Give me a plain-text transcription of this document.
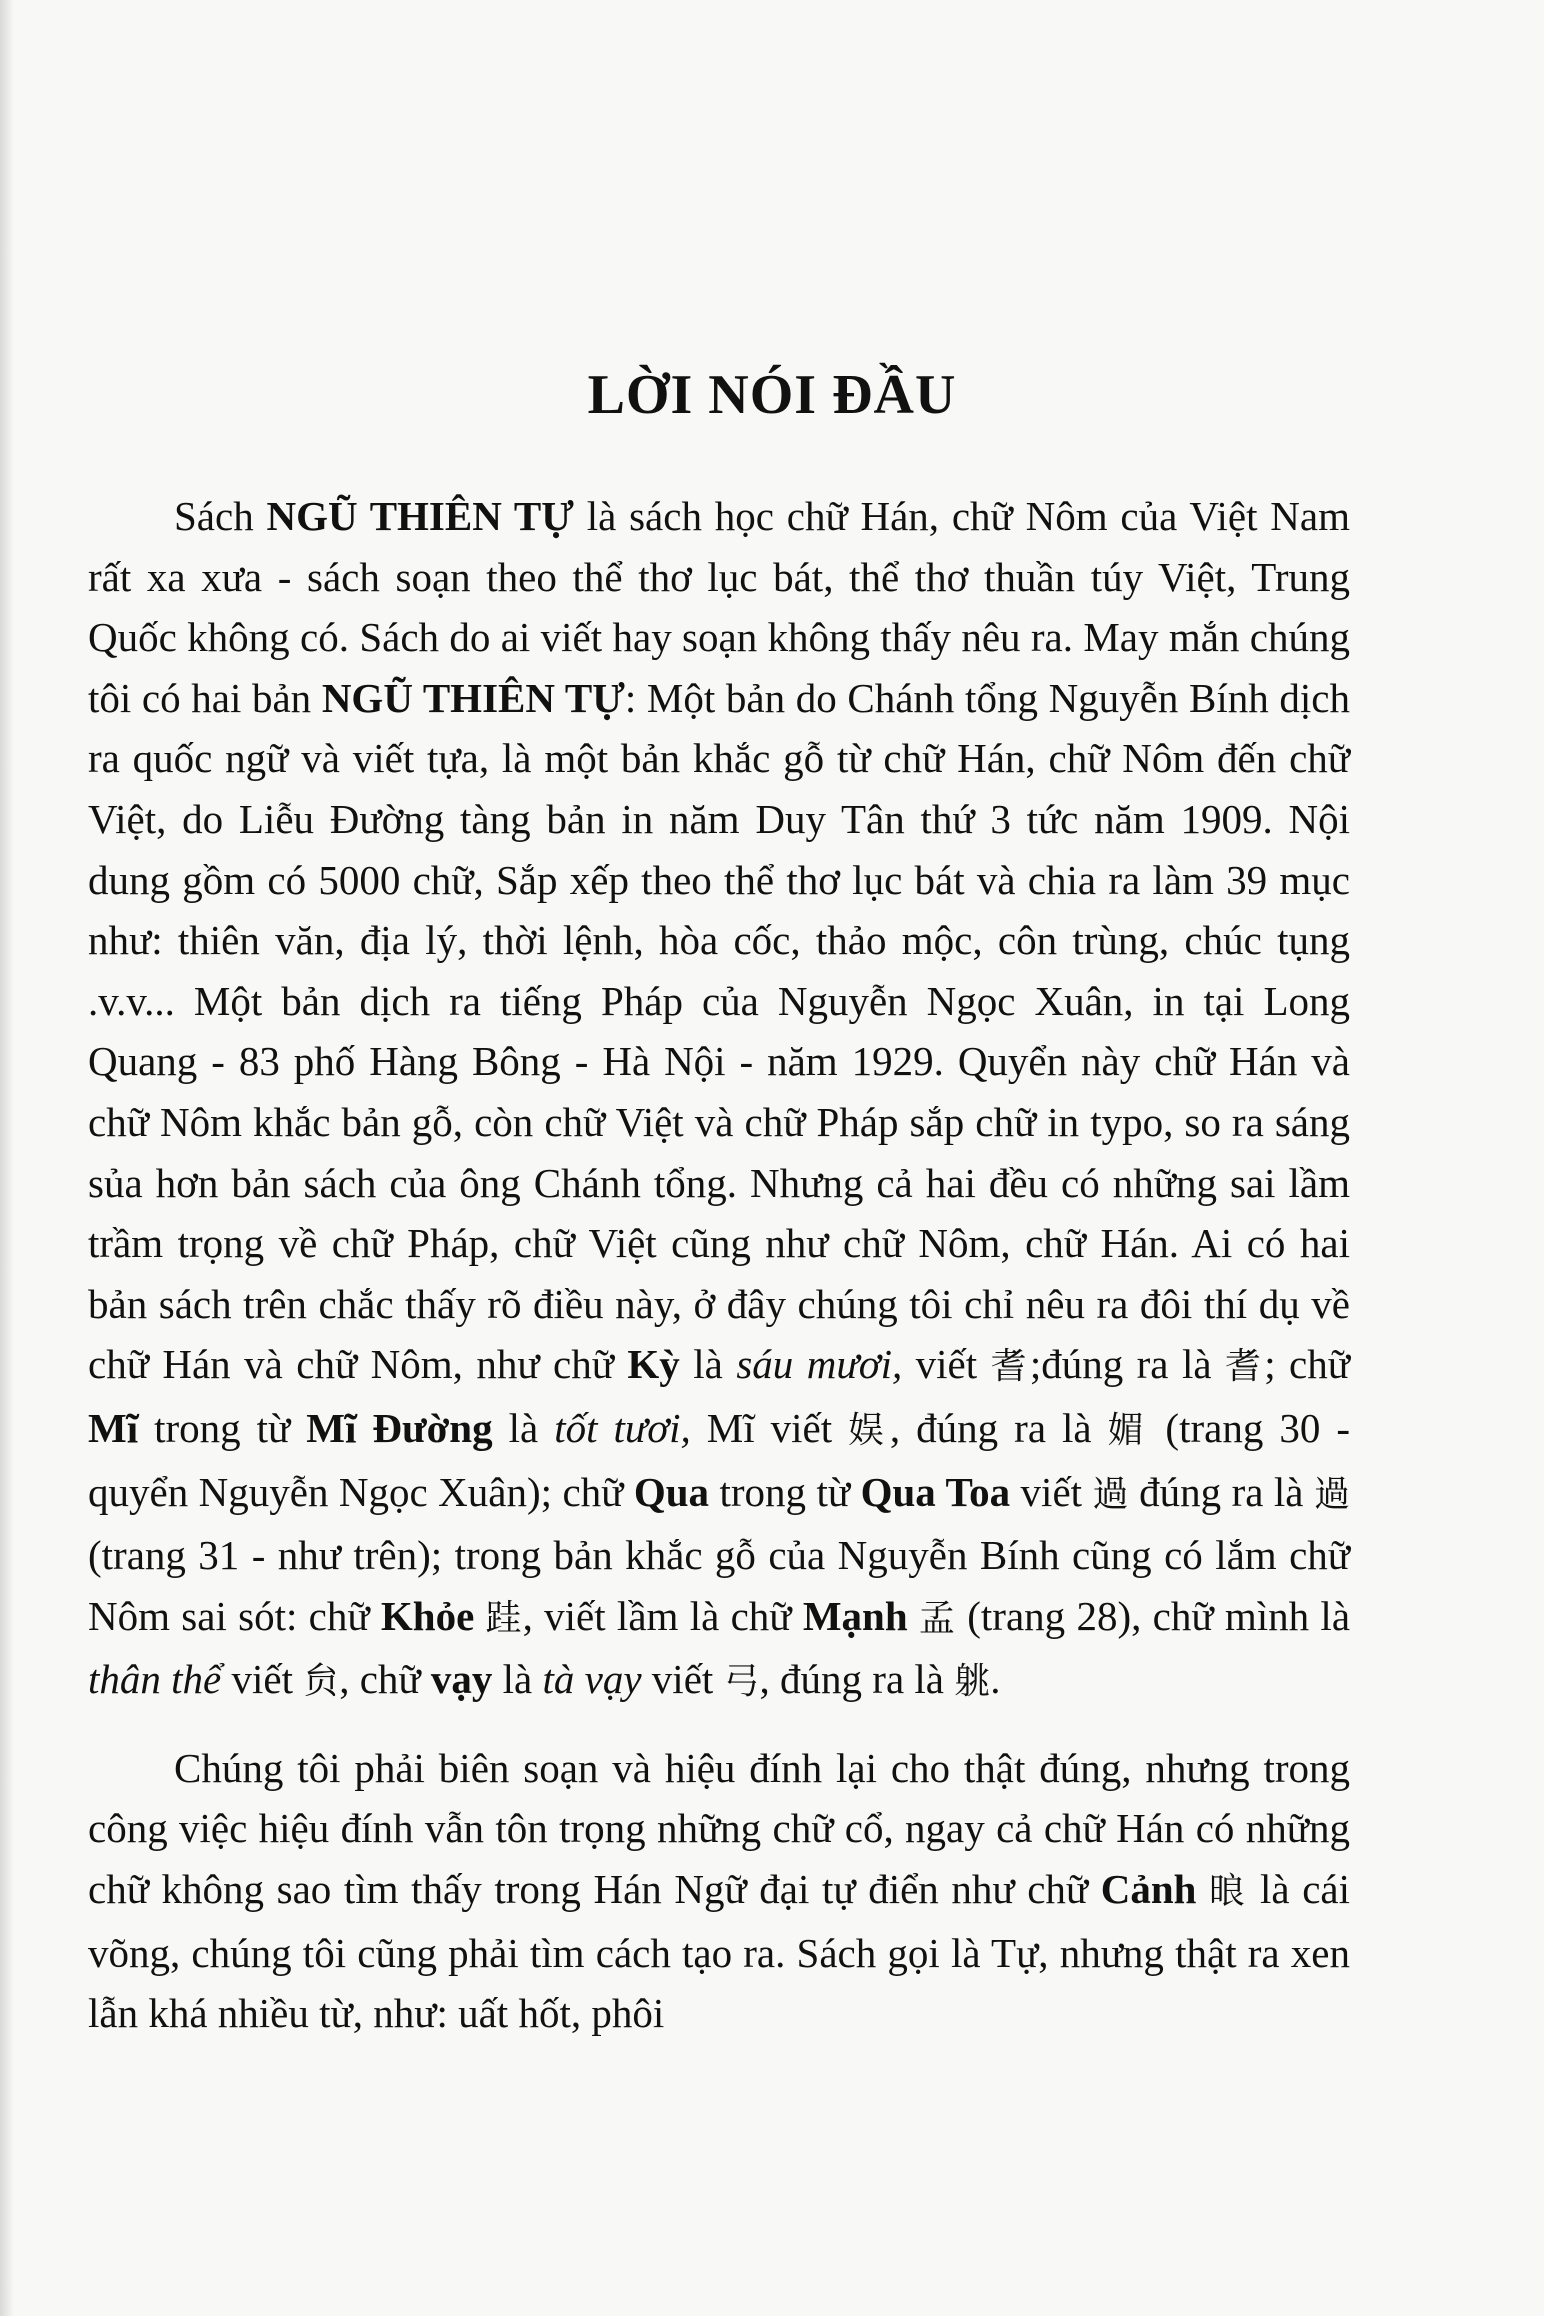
LỜI NÓI ĐẦU

Sách NGŨ THIÊN TỰ là sách học chữ Hán, chữ Nôm của Việt Nam rất xa xưa - sách soạn theo thể thơ lục bát, thể thơ thuần túy Việt, Trung Quốc không có. Sách do ai viết hay soạn không thấy nêu ra. May mắn chúng tôi có hai bản NGŨ THIÊN TỰ: Một bản do Chánh tổng Nguyễn Bính dịch ra quốc ngữ và viết tựa, là một bản khắc gỗ từ chữ Hán, chữ Nôm đến chữ Việt, do Liễu Đường tàng bản in năm Duy Tân thứ 3 tức năm 1909. Nội dung gồm có 5000 chữ, Sắp xếp theo thể thơ lục bát và chia ra làm 39 mục như: thiên văn, địa lý, thời lệnh, hòa cốc, thảo mộc, côn trùng, chúc tụng .v.v... Một bản dịch ra tiếng Pháp của Nguyễn Ngọc Xuân, in tại Long Quang - 83 phố Hàng Bông - Hà Nội - năm 1929. Quyển này chữ Hán và chữ Nôm khắc bản gỗ, còn chữ Việt và chữ Pháp sắp chữ in typo, so ra sáng sủa hơn bản sách của ông Chánh tổng. Nhưng cả hai đều có những sai lầm trầm trọng về chữ Pháp, chữ Việt cũng như chữ Nôm, chữ Hán. Ai có hai bản sách trên chắc thấy rõ điều này, ở đây chúng tôi chỉ nêu ra đôi thí dụ về chữ Hán và chữ Nôm, như chữ Kỳ là sáu mươi, viết 耆;đúng ra là 耆; chữ Mĩ trong từ Mĩ Đường là tốt tươi, Mĩ viết 娱, đúng ra là 媚 (trang 30 - quyển Nguyễn Ngọc Xuân); chữ Qua trong từ Qua Toa viết 過 đúng ra là 過 (trang 31 - như trên); trong bản khắc gỗ của Nguyễn Bính cũng có lắm chữ Nôm sai sót: chữ Khỏe 跬, viết lầm là chữ Mạnh 孟 (trang 28), chữ mình là thân thể viết 贠, chữ vạy là tà vạy viết 弓, đúng ra là 䠷.

Chúng tôi phải biên soạn và hiệu đính lại cho thật đúng, nhưng trong công việc hiệu đính vẫn tôn trọng những chữ cổ, ngay cả chữ Hán có những chữ không sao tìm thấy trong Hán Ngữ đại tự điển như chữ Cảnh 㫰 là cái võng, chúng tôi cũng phải tìm cách tạo ra. Sách gọi là Tự, nhưng thật ra xen lẫn khá nhiều từ, như: uất hốt, phôi
